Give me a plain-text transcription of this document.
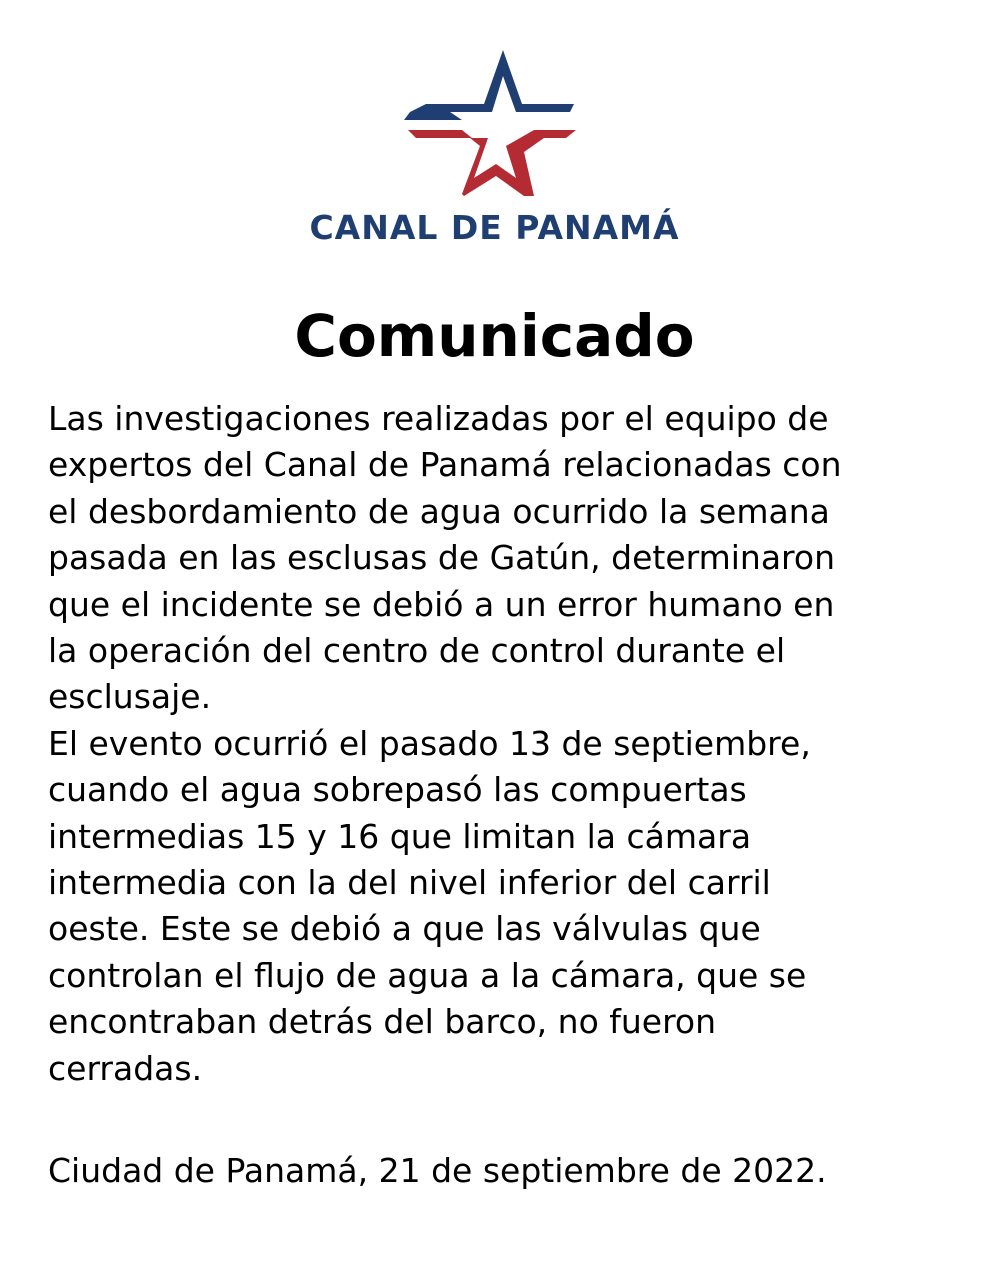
CANAL DE PANAMÁ
Comunicado
Las investigaciones realizadas por el equipo de
expertos del Canal de Panamá relacionadas con
el desbordamiento de agua ocurrido la semana
pasada en las esclusas de Gatún, determinaron
que el incidente se debió a un error humano en
la operación del centro de control durante el
esclusaje.
El evento ocurrió el pasado 13 de septiembre,
cuando el agua sobrepasó las compuertas
intermedias 15 y 16 que limitan la cámara
intermedia con la del nivel inferior del carril
oeste. Este se debió a que las válvulas que
controlan el flujo de agua a la cámara, que se
encontraban detrás del barco, no fueron
cerradas.
Ciudad de Panamá, 21 de septiembre de 2022.
